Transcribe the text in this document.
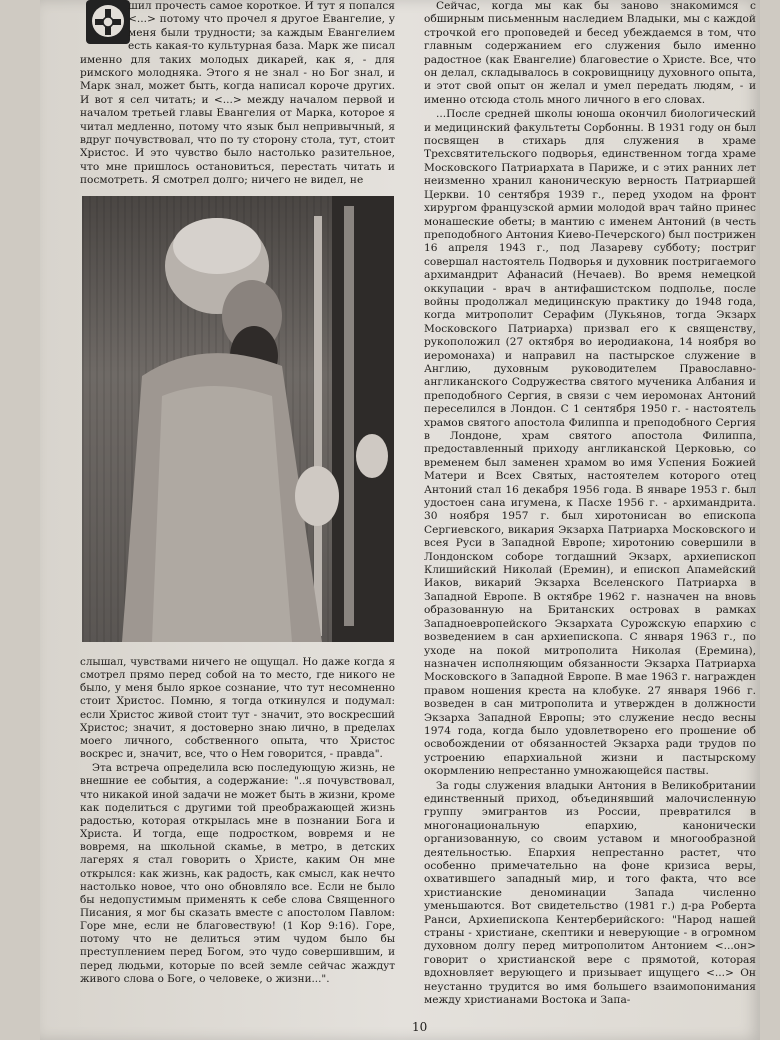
шил прочесть самое короткое. И тут я попался <...> потому что прочел я другое Евангелие, у меня были трудности; за каждым Евангелием есть какая-то культурная база. Марк же писал именно для таких молодых дикарей, как я, - для римского молодняка. Этого я не знал - но Бог знал, и Марк знал, может быть, когда написал короче других. И вот я сел читать; и <...> между началом первой и началом третьей главы Евангелия от Марка, которое я читал медленно, потому что язык был непривычный, я вдруг почувствовал, что по ту сторону стола, тут, стоит Христос. И это чувство было настолько разительное, что мне пришлось остановиться, перестать читать и посмотреть. Я смотрел долго; ничего не видел, не

слышал, чувствами ничего не ощущал. Но даже когда я смотрел прямо перед собой на то место, где никого не было, у меня было яркое сознание, что тут несомненно стоит Христос. Помню, я тогда откинулся и подумал: если Христос живой стоит тут - значит, это воскресший Христос; значит, я достоверно знаю лично, в пределах моего личного, собственного опыта, что Христос воскрес и, значит, все, что о Нем говорится, - правда".

Эта встреча определила всю последующую жизнь, не внешние ее события, а содержание: "..я почувствовал, что никакой иной задачи не может быть в жизни, кроме как поделиться с другими той преображающей жизнь радостью, которая открылась мне в познании Бога и Христа. И тогда, еще подростком, вовремя и не вовремя, на школьной скамье, в метро, в детских лагерях я стал говорить о Христе, каким Он мне открылся: как жизнь, как радость, как смысл, как нечто настолько новое, что оно обновляло все. Если не было бы недопустимым применять к себе слова Священного Писания, я мог бы сказать вместе с апостолом Павлом: Горе мне, если не благовествую! (1 Кор 9:16). Горе, потому что не делиться этим чудом было бы преступлением перед Богом, это чудо совершившим, и перед людьми, которые по всей земле сейчас жаждут живого слова о Боге, о человеке, о жизни...".

Сейчас, когда мы как бы заново знакомимся с обширным письменным наследием Владыки, мы с каждой строчкой его проповедей и бесед убеждаемся в том, что главным содержанием его служения было именно радостное (как Евангелие) благовестие о Христе. Все, что он делал, складывалось в сокровищницу духовного опыта, и этот свой опыт он желал и умел передать людям, - и именно отсюда столь много личного в его словах.

...После средней школы юноша окончил биологический и медицинский факультеты Сорбонны. В 1931 году он был посвящен в стихарь для служения в храме Трехсвятительского подворья, единственном тогда храме Московского Патриархата в Париже, и с этих ранних лет неизменно хранил каноническую верность Патриаршей Церкви. 10 сентября 1939 г., перед уходом на фронт хирургом французской армии молодой врач тайно принес монашеские обеты; в мантию с именем Антоний (в честь преподобного Антония Киево-Печерского) был пострижен 16 апреля 1943 г., под Лазареву субботу; постриг совершал настоятель Подворья и духовник постригаемого архимандрит Афанасий (Нечаев). Во время немецкой оккупации - врач в антифашистском подполье, после войны продолжал медицинскую практику до 1948 года, когда митрополит Серафим (Лукьянов, тогда Экзарх Московского Патриарха) призвал его к священству, рукоположил (27 октября во иеродиакона, 14 ноября во иеромонаха) и направил на пастырское служение в Англию, духовным руководителем Православно-англиканского Содружества святого мученика Албания и преподобного Сергия, в связи с чем иеромонах Антоний переселился в Лондон. С 1 сентября 1950 г. - настоятель храмов святого апостола Филиппа и преподобного Сергия в Лондоне, храм святого апостола Филиппа, предоставленный приходу англиканской Церковью, со временем был заменен храмом во имя Успения Божией Матери и Всех Святых, настоятелем которого отец Антоний стал 16 декабря 1956 года. В январе 1953 г. был удостоен сана игумена, к Пасхе 1956 г. - архимандрита. 30 ноября 1957 г. был хиротонисан во епископа Сергиевского, викария Экзарха Патриарха Московского и всея Руси в Западной Европе; хиротонию совершили в Лондонском соборе тогдашний Экзарх, архиепископ Клишийский Николай (Еремин), и епископ Апамейский Иаков, викарий Экзарха Вселенского Патриарха в Западной Европе. В октябре 1962 г. назначен на вновь образованную на Британских островах в рамках Западноевропейского Экзархата Сурожскую епархию с возведением в сан архиепископа. С января 1963 г., по уходе на покой митрополита Николая (Еремина), назначен исполняющим обязанности Экзарха Патриарха Московского в Западной Европе. В мае 1963 г. награжден правом ношения креста на клобуке. 27 января 1966 г. возведен в сан митрополита и утвержден в должности Экзарха Западной Европы; это служение несдо весны 1974 года, когда было удовлетворено его прошение об освобождении от обязанностей Экзарха ради трудов по устроению епархиальной жизни и пастырскому окормлению непрестанно умножающейся паствы.

За годы служения владыки Антония в Великобритании единственный приход, объединявший малочисленную группу эмигрантов из России, превратился в многонациональную епархию, канонически организованную, со своим уставом и многообразной деятельностью. Епархия непрестанно растет, что особенно примечательно на фоне кризиса веры, охватившего западный мир, и того факта, что все христианские деноминации Запада численно уменьшаются. Вот свидетельство (1981 г.) д-ра Роберта Ранси, Архиепископа Кентерберийского: "Народ нашей страны - христиане, скептики и неверующие - в огромном духовном долгу перед митрополитом Антонием <...он> говорит о христианской вере с прямотой, которая вдохновляет верующего и призывает ищущего <...> Он неустанно трудится во имя большего взаимопонимания между христианами Востока и Запа-

10
